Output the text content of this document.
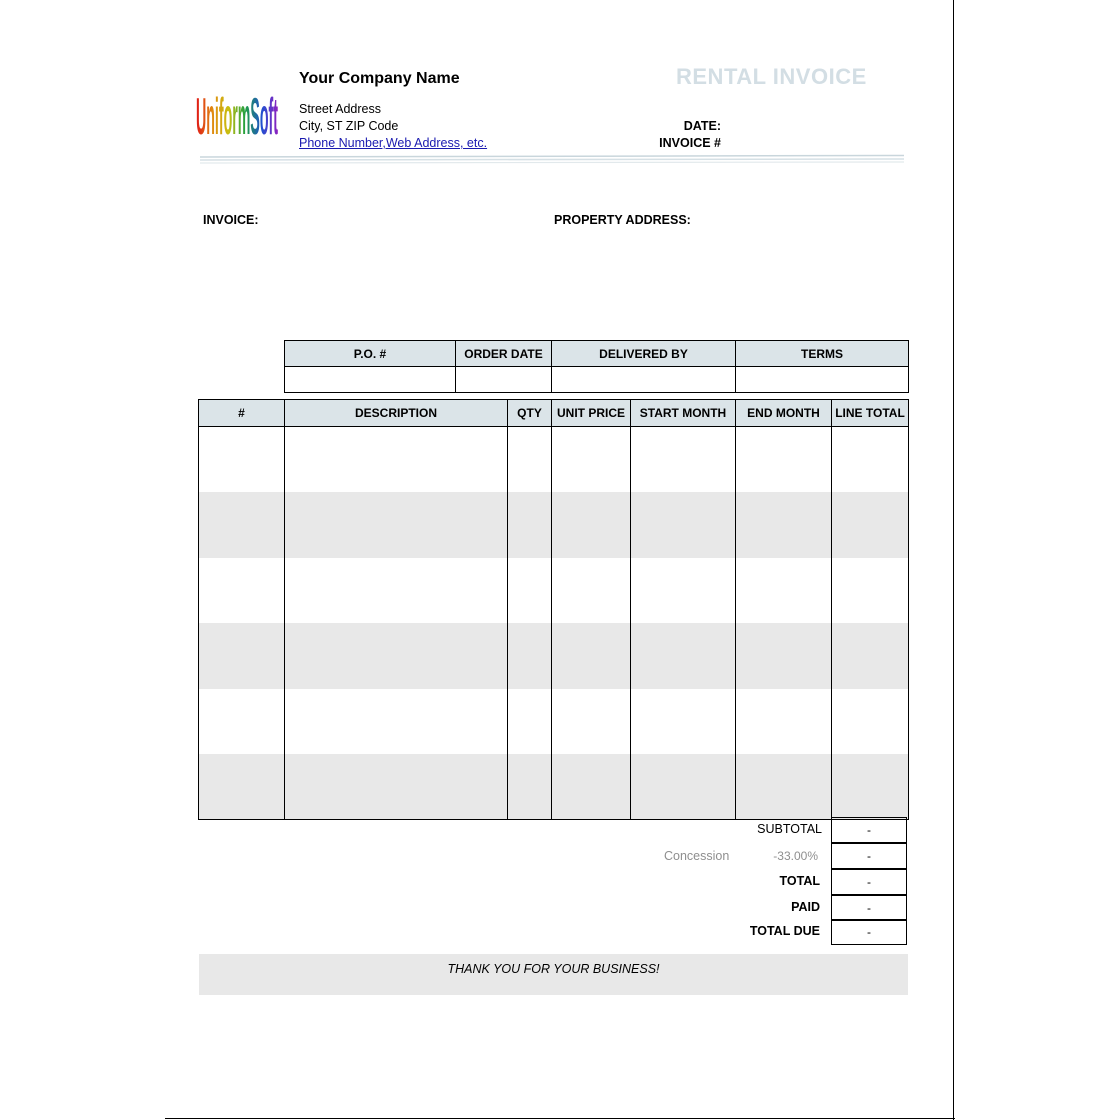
UniformSoft
Your Company Name
Street Address
City, ST ZIP Code
Phone Number,Web Address, etc.
RENTAL INVOICE
DATE:
INVOICE #
INVOICE:	PROPERTY ADDRESS:
P.O. #	ORDER DATE	DELIVERED BY	TERMS

#	DESCRIPTION	QTY	UNIT PRICE	START MONTH	END MONTH	LINE TOTAL

SUBTOTAL	-
Concession	-33.00%	-
TOTAL	-
PAID	-
TOTAL DUE	-
THANK YOU FOR YOUR BUSINESS!
